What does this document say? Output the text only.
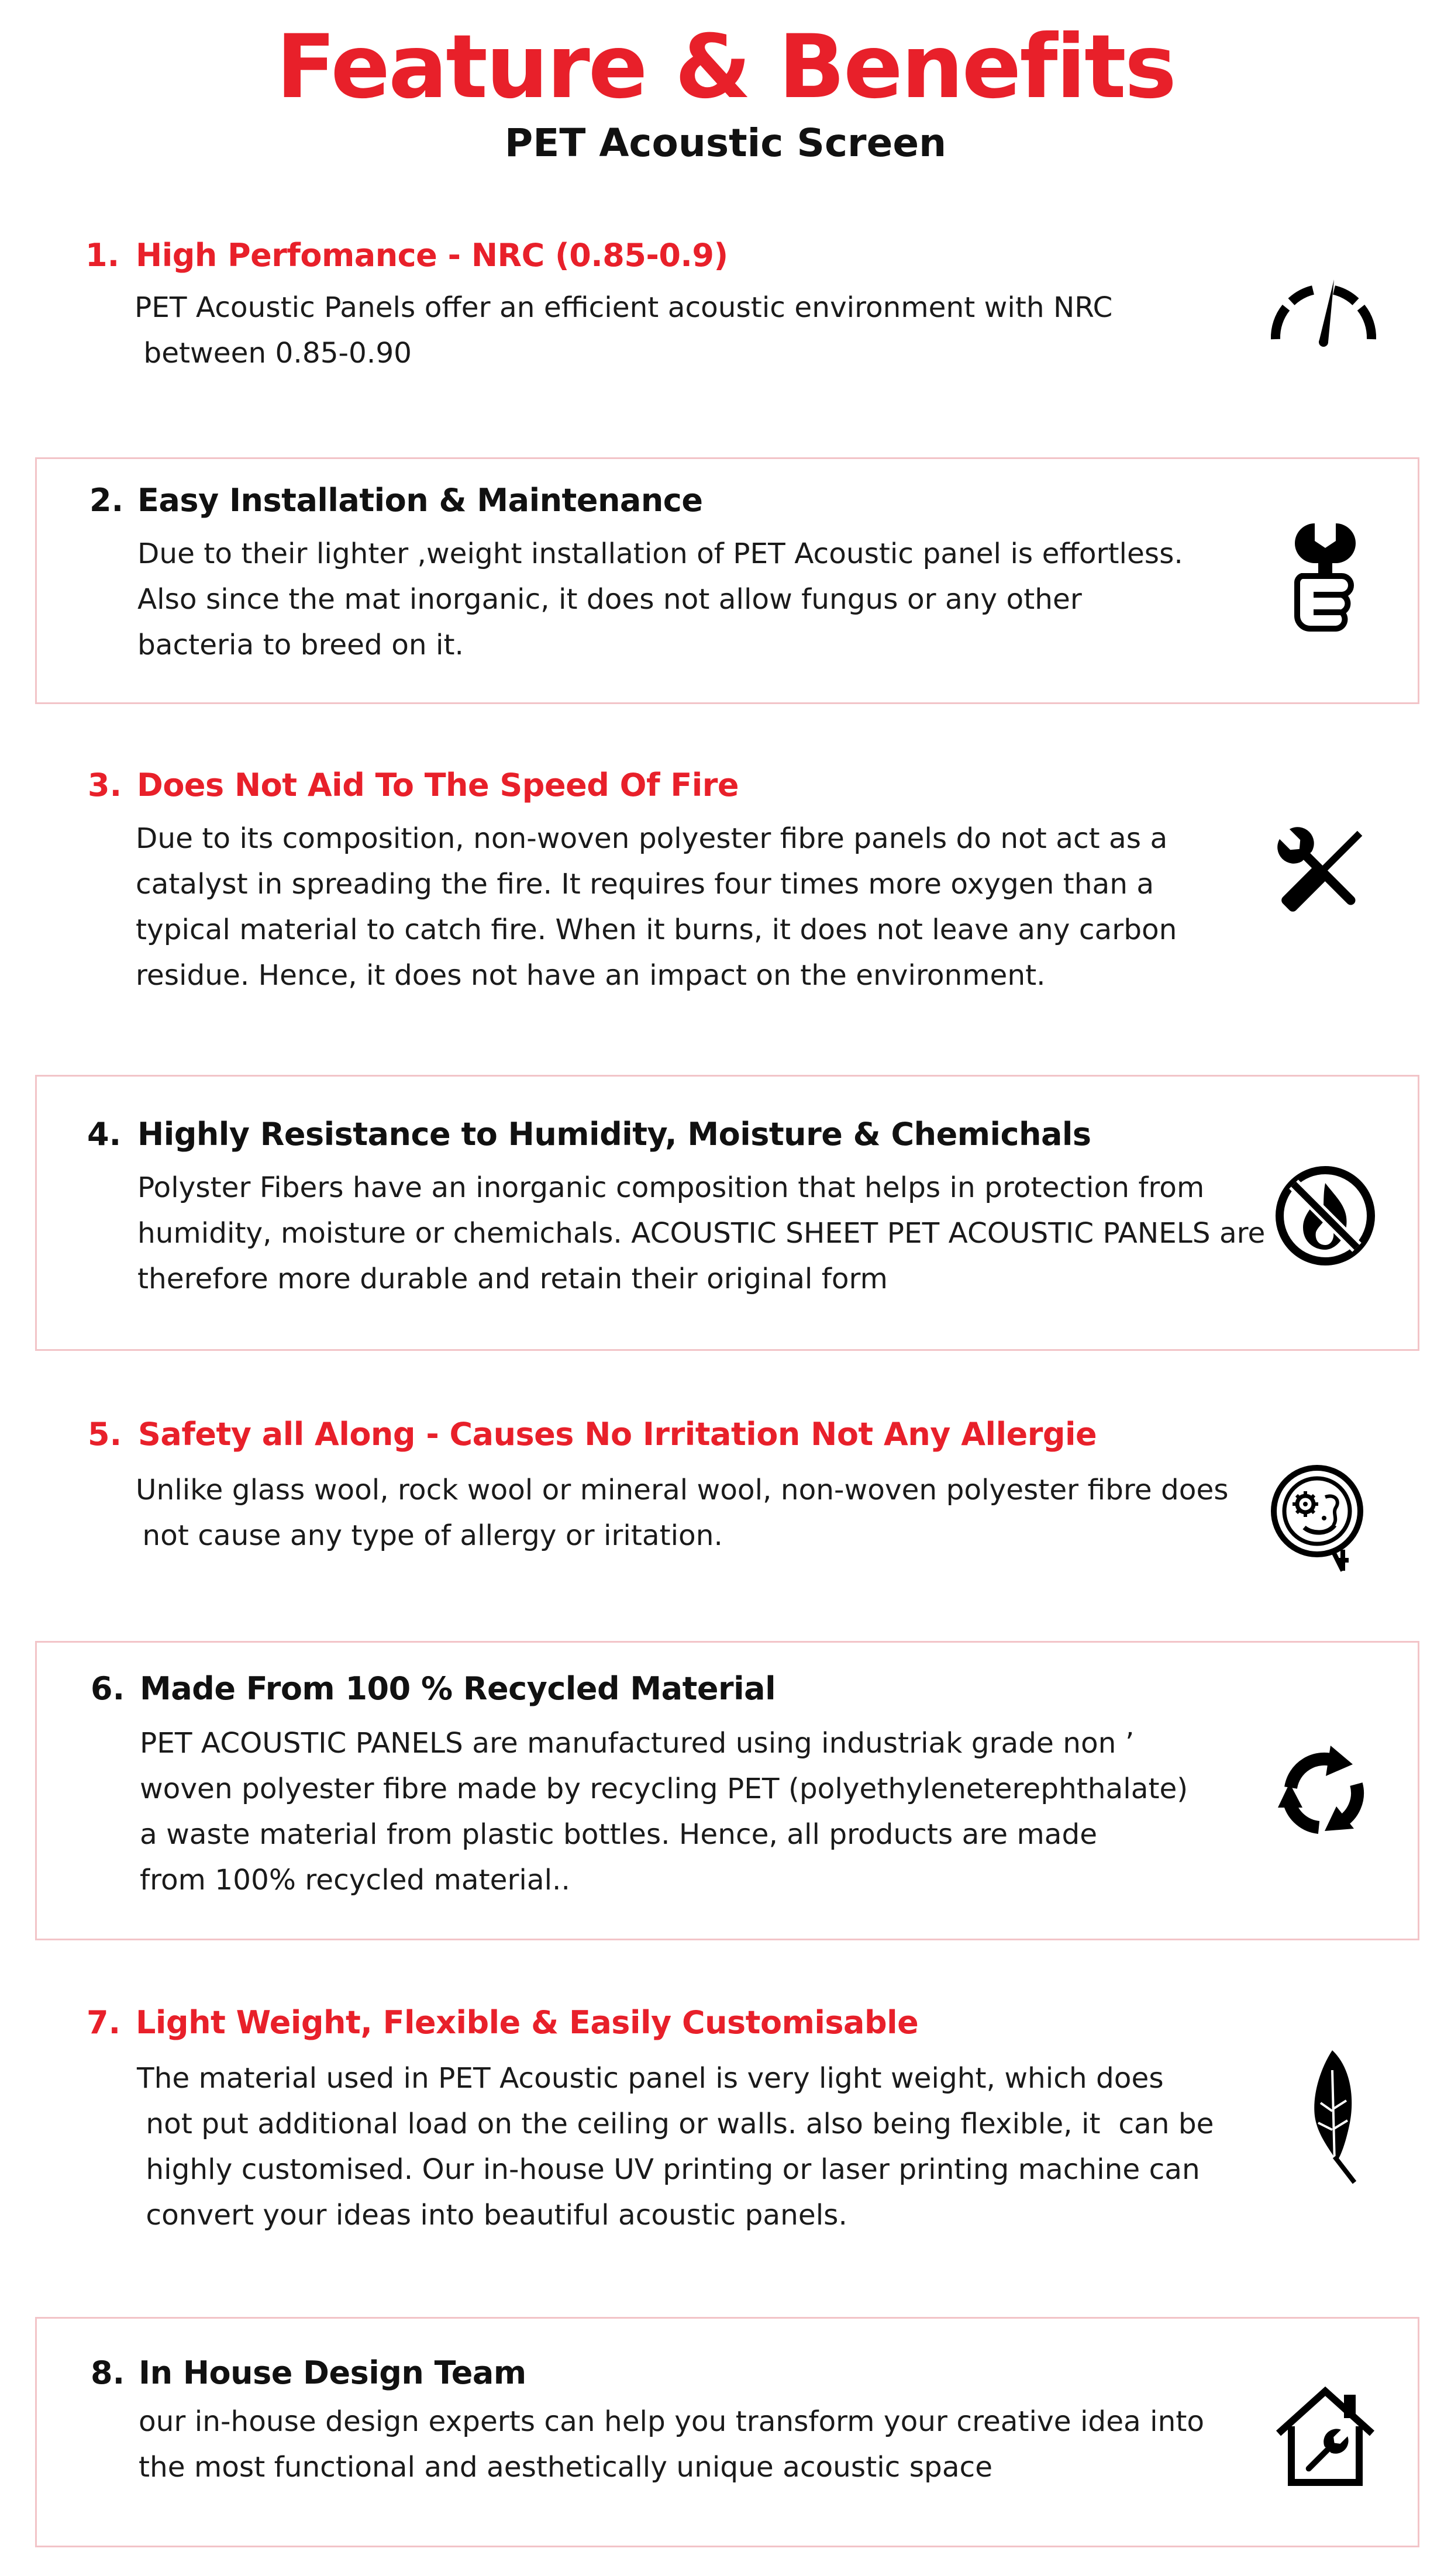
Feature & Benefits
PET Acoustic Screen
1. High Perfomance - NRC (0.85-0.9)
PET Acoustic Panels offer an efficient acoustic environment with NRC
between 0.85-0.90
2. Easy Installation & Maintenance
Due to their lighter ,weight installation of PET Acoustic panel is effortless.
Also since the mat inorganic, it does not allow fungus or any other
bacteria to breed on it.
3. Does Not Aid To The Speed Of Fire
Due to its composition, non-woven polyester fibre panels do not act as a
catalyst in spreading the fire. It requires four times more oxygen than a
typical material to catch fire. When it burns, it does not leave any carbon
residue. Hence, it does not have an impact on the environment.
4. Highly Resistance to Humidity, Moisture & Chemichals
Polyster Fibers have an inorganic composition that helps in protection from
humidity, moisture or chemichals. ACOUSTIC SHEET PET ACOUSTIC PANELS are
therefore more durable and retain their original form
5. Safety all Along - Causes No Irritation Not Any Allergie
Unlike glass wool, rock wool or mineral wool, non-woven polyester fibre does
not cause any type of allergy or iritation.
6. Made From 100 % Recycled Material
PET ACOUSTIC PANELS are manufactured using industriak grade non ’
woven polyester fibre made by recycling PET (polyethyleneterephthalate)
a waste material from plastic bottles. Hence, all products are made
from 100% recycled material..
7. Light Weight, Flexible & Easily Customisable
The material used in PET Acoustic panel is very light weight, which does
not put additional load on the ceiling or walls. also being flexible, it  can be
highly customised. Our in-house UV printing or laser printing machine can
convert your ideas into beautiful acoustic panels.
8. In House Design Team
our in-house design experts can help you transform your creative idea into
the most functional and aesthetically unique acoustic space
